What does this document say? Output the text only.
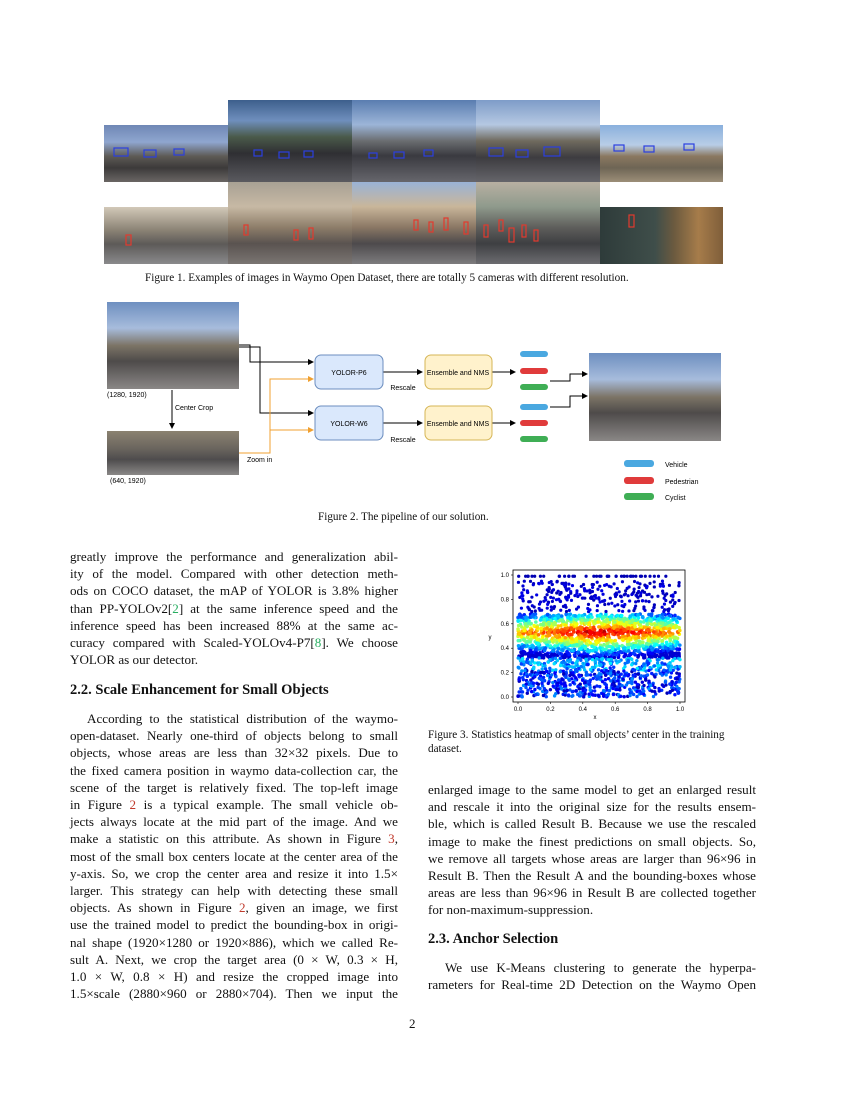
Figure 1. Examples of images in Waymo Open Dataset, there are totally 5 cameras with different resolution.
YOLOR-P6
YOLOR-W6
Ensemble and NMS
Ensemble and NMS
Rescale
Rescale
Vehicle
Pedestrian
Cyclist
(1280, 1920)
(640, 1920)
Center Crop
Zoom in
Figure 2. The pipeline of our solution.
0.0	0.2	0.4	0.6	0.8	1.0
0.0
0.2
0.4
0.6
0.8
1.0
x
y
Figure 3. Statistics heatmap of small objects’ center in the training
dataset.
greatly improve the performance and generalization abil-
ity of the model. Compared with other detection meth-
ods on COCO dataset, the mAP of YOLOR is 3.8% higher
than PP-YOLOv2[2] at the same inference speed and the
inference speed has been increased 88% at the same ac-
curacy compared with Scaled-YOLOv4-P7[8]. We choose
YOLOR as our detector.
2.2. Scale Enhancement for Small Objects
According to the statistical distribution of the waymo-
open-dataset. Nearly one-third of objects belong to small
objects, whose areas are less than 32×32 pixels. Due to
the fixed camera position in waymo data-collection car, the
scene of the target is relatively fixed. The top-left image
in Figure 2 is a typical example. The small vehicle ob-
jects always locate at the mid part of the image. And we
make a statistic on this attribute. As shown in Figure 3,
most of the small box centers locate at the center area of the
y-axis. So, we crop the center area and resize it into 1.5×
larger. This strategy can help with detecting these small
objects. As shown in Figure 2, given an image, we first
use the trained model to predict the bounding-box in origi-
nal shape (1920×1280 or 1920×886), which we called Re-
sult A. Next, we crop the target area (0 × W, 0.3 × H,
1.0 × W, 0.8 × H) and resize the cropped image into
1.5×scale (2880×960 or 2880×704). Then we input the
enlarged image to the same model to get an enlarged result
and rescale it into the original size for the results ensem-
ble, which is called Result B. Because we use the rescaled
image to make the finest predictions on small objects. So,
we remove all targets whose areas are larger than 96×96 in
Result B. Then the Result A and the bounding-boxes whose
areas are less than 96×96 in Result B are collected together
for non-maximum-suppression.
2.3. Anchor Selection
We use K-Means clustering to generate the hyperpa-
rameters for Real-time 2D Detection on the Waymo Open
2
